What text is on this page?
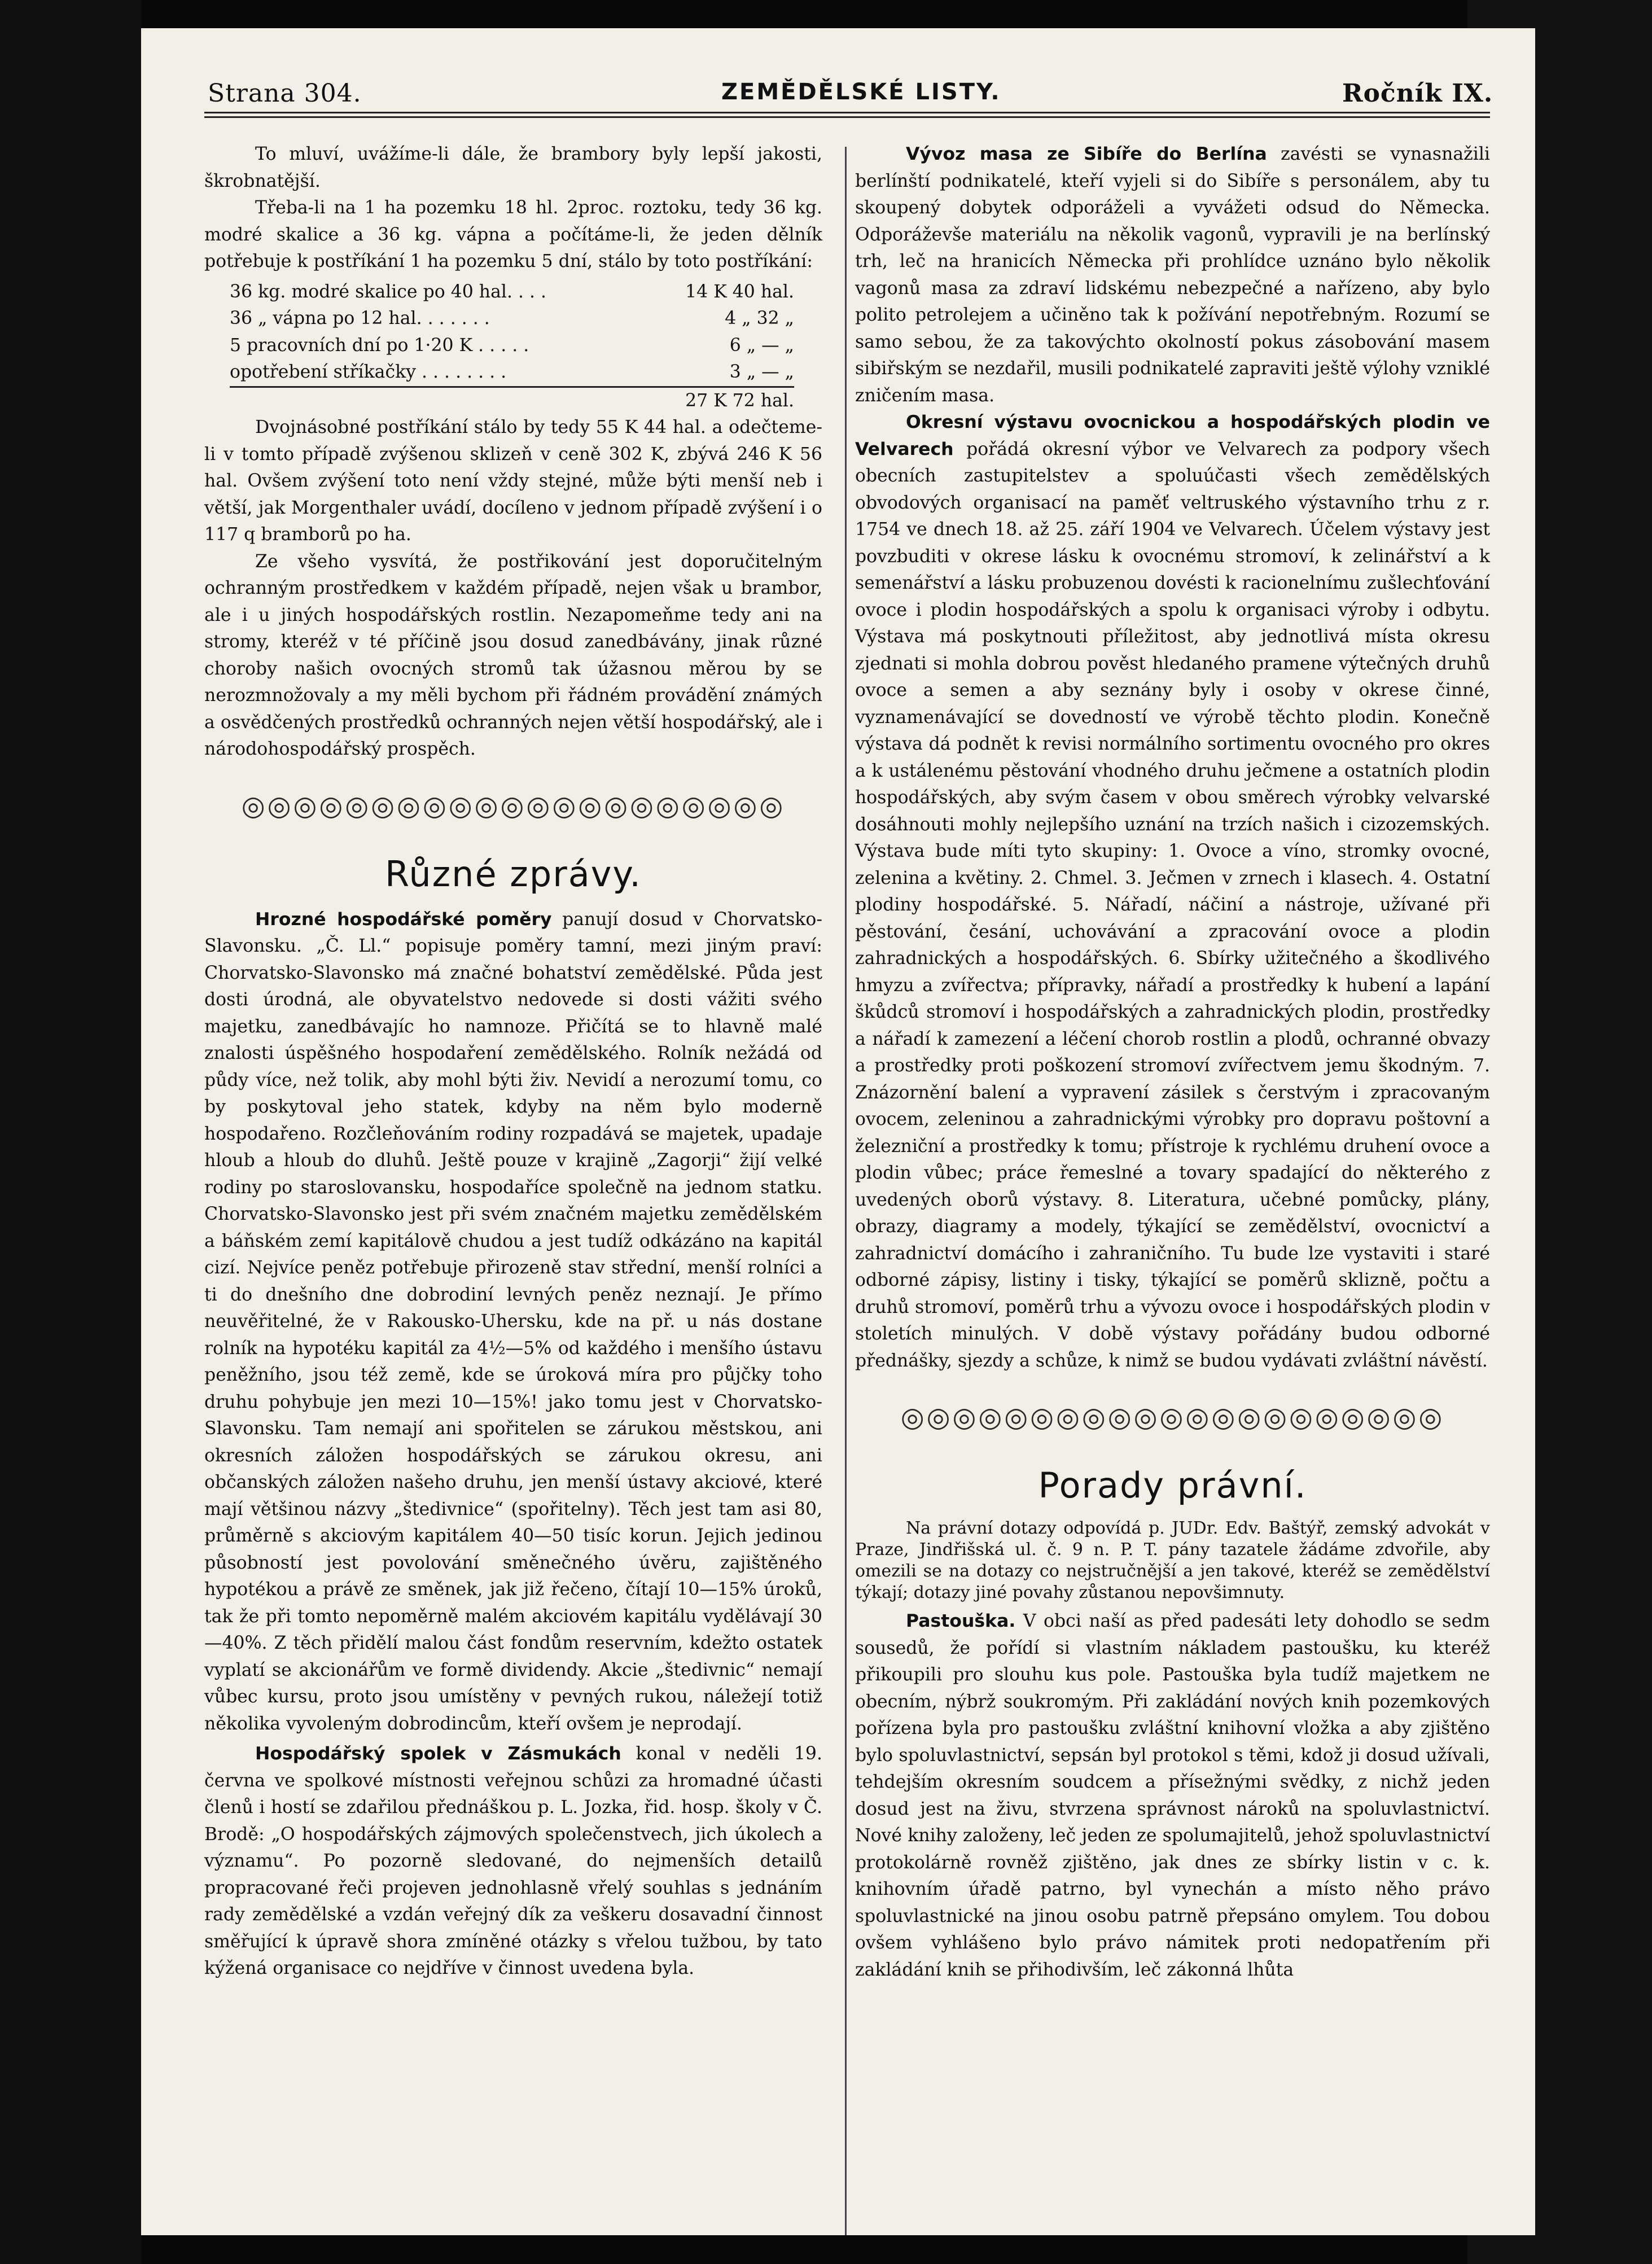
Strana 304.	ZEMĚDĚLSKÉ LISTY.	Ročník IX.

To mluví, uvážíme-li dále, že brambory byly lepší jakosti, škrobnatější.

Třeba-li na 1 ha pozemku 18 hl. 2proc. roztoku, tedy 36 kg. modré skalice a 36 kg. vápna a počítáme-li, že jeden dělník potřebuje k postříkání 1 ha pozemku 5 dní, stálo by toto postříkání:

36 kg. modré skalice po 40 hal. . . .	14 K 40 hal.
36 „ vápna po 12 hal. . . . . . .	4 „ 32 „
5 pracovních dní po 1·20 K . . . . .	6 „ — „
opotřebení stříkačky . . . . . . . .	3 „ — „
	27 K 72 hal.

Dvojnásobné postříkání stálo by tedy 55 K 44 hal. a odečteme-li v tomto případě zvýšenou sklizeň v ceně 302 K, zbývá 246 K 56 hal. Ovšem zvýšení toto není vždy stejné, může býti menší neb i větší, jak Morgenthaler uvádí, docíleno v jednom případě zvýšení i o 117 q bramborů po ha.

Ze všeho vysvítá, že postřikování jest doporučitelným ochranným prostředkem v každém případě, nejen však u brambor, ale i u jiných hospodářských rostlin. Nezapomeňme tedy ani na stromy, kteréž v té příčině jsou dosud zanedbávány, jinak různé choroby našich ovocných stromů tak úžasnou měrou by se nerozmnožovaly a my měli bychom při řádném provádění známých a osvědčených prostředků ochranných nejen větší hospodářský, ale i národohospodářský prospěch.

◎◎◎◎◎◎◎◎◎◎◎◎◎◎◎◎◎◎◎◎◎
Různé zprávy.

Hrozné hospodářské poměry panují dosud v Chorvatsko-Slavonsku. „Č. Ll.“ popisuje poměry tamní, mezi jiným praví: Chorvatsko-Slavonsko má značné bohatství zemědělské. Půda jest dosti úrodná, ale obyvatelstvo nedovede si dosti vážiti svého majetku, zanedbávajíc ho namnoze. Přičítá se to hlavně malé znalosti úspěšného hospodaření zemědělského. Rolník nežádá od půdy více, než tolik, aby mohl býti živ. Nevidí a nerozumí tomu, co by poskytoval jeho statek, kdyby na něm bylo moderně hospodařeno. Rozčleňováním rodiny rozpadává se majetek, upadaje hloub a hloub do dluhů. Ještě pouze v krajině „Zagorji“ žijí velké rodiny po staroslovansku, hospodaříce společně na jednom statku. Chorvatsko-Slavonsko jest při svém značném majetku zemědělském a báňském zemí kapitálově chudou a jest tudíž odkázáno na kapitál cizí. Nejvíce peněz potřebuje přirozeně stav střední, menší rolníci a ti do dnešního dne dobrodiní levných peněz neznají. Je přímo neuvěřitelné, že v Rakousko-Uhersku, kde na př. u nás dostane rolník na hypotéku kapitál za 4½—5% od každého i menšího ústavu peněžního, jsou též země, kde se úroková míra pro půjčky toho druhu pohybuje jen mezi 10—15%! jako tomu jest v Chorvatsko-Slavonsku. Tam nemají ani spořitelen se zárukou městskou, ani okresních záložen hospodářských se zárukou okresu, ani občanských záložen našeho druhu, jen menší ústavy akciové, které mají většinou názvy „štedivnice“ (spořitelny). Těch jest tam asi 80, průměrně s akciovým kapitálem 40—50 tisíc korun. Jejich jedinou působností jest povolování směnečného úvěru, zajištěného hypotékou a právě ze směnek, jak již řečeno, čítají 10—15% úroků, tak že při tomto nepoměrně malém akciovém kapitálu vydělávají 30—40%. Z těch přidělí malou část fondům reservním, kdežto ostatek vyplatí se akcionářům ve formě dividendy. Akcie „štedivnic“ nemají vůbec kursu, proto jsou umístěny v pevných rukou, náležejí totiž několika vyvoleným dobrodincům, kteří ovšem je neprodají.

Hospodářský spolek v Zásmukách konal v neděli 19. června ve spolkové místnosti veřejnou schůzi za hromadné účasti členů i hostí se zdařilou přednáškou p. L. Jozka, řid. hosp. školy v Č. Brodě: „O hospodářských zájmových společenstvech, jich úkolech a významu“. Po pozorně sledované, do nejmenších detailů propracované řeči projeven jednohlasně vřelý souhlas s jednáním rady zemědělské a vzdán veřejný dík za veškeru dosavadní činnost směřující k úpravě shora zmíněné otázky s vřelou tužbou, by tato kýžená organisace co nejdříve v činnost uvedena byla.

Vývoz masa ze Sibíře do Berlína zavésti se vynasnažili berlínští podnikatelé, kteří vyjeli si do Sibíře s personálem, aby tu skoupený dobytek odporáželi a vyvážeti odsud do Německa. Odporáževše materiálu na několik vagonů, vypravili je na berlínský trh, leč na hranicích Německa při prohlídce uznáno bylo několik vagonů masa za zdraví lidskému nebezpečné a nařízeno, aby bylo polito petrolejem a učiněno tak k požívání nepotřebným. Rozumí se samo sebou, že za takovýchto okolností pokus zásobování masem sibiřským se nezdařil, musili podnikatelé zapraviti ještě výlohy vzniklé zničením masa.

Okresní výstavu ovocnickou a hospodářských plodin ve Velvarech pořádá okresní výbor ve Velvarech za podpory všech obecních zastupitelstev a spoluúčasti všech zemědělských obvodových organisací na paměť veltruského výstavního trhu z r. 1754 ve dnech 18. až 25. září 1904 ve Velvarech. Účelem výstavy jest povzbuditi v okrese lásku k ovocnému stromoví, k zelinářství a k semenářství a lásku probuzenou dovésti k racionelnímu zušlechťování ovoce i plodin hospodářských a spolu k organisaci výroby i odbytu. Výstava má poskytnouti příležitost, aby jednotlivá místa okresu zjednati si mohla dobrou pověst hledaného pramene výtečných druhů ovoce a semen a aby seznány byly i osoby v okrese činné, vyznamenávající se dovedností ve výrobě těchto plodin. Konečně výstava dá podnět k revisi normálního sortimentu ovocného pro okres a k ustálenému pěstování vhodného druhu ječmene a ostatních plodin hospodářských, aby svým časem v obou směrech výrobky velvarské dosáhnouti mohly nejlepšího uznání na trzích našich i cizozemských. Výstava bude míti tyto skupiny: 1. Ovoce a víno, stromky ovocné, zelenina a květiny. 2. Chmel. 3. Ječmen v zrnech i klasech. 4. Ostatní plodiny hospodářské. 5. Nářadí, náčiní a nástroje, užívané při pěstování, česání, uchovávání a zpracování ovoce a plodin zahradnických a hospodářských. 6. Sbírky užitečného a škodlivého hmyzu a zvířectva; přípravky, nářadí a prostředky k hubení a lapání škůdců stromoví i hospodářských a zahradnických plodin, prostředky a nářadí k zamezení a léčení chorob rostlin a plodů, ochranné obvazy a prostředky proti poškození stromoví zvířectvem jemu škodným. 7. Znázornění balení a vypravení zásilek s čerstvým i zpracovaným ovocem, zeleninou a zahradnickými výrobky pro dopravu poštovní a železniční a prostředky k tomu; přístroje k rychlému druhení ovoce a plodin vůbec; práce řemeslné a tovary spadající do některého z uvedených oborů výstavy. 8. Literatura, učebné pomůcky, plány, obrazy, diagramy a modely, týkající se zemědělství, ovocnictví a zahradnictví domácího i zahraničního. Tu bude lze vystaviti i staré odborné zápisy, listiny i tisky, týkající se poměrů sklizně, počtu a druhů stromoví, poměrů trhu a vývozu ovoce i hospodářských plodin v stoletích minulých. V době výstavy pořádány budou odborné přednášky, sjezdy a schůze, k nimž se budou vydávati zvláštní návěstí.

◎◎◎◎◎◎◎◎◎◎◎◎◎◎◎◎◎◎◎◎◎
Porady právní.

Na právní dotazy odpovídá p. JUDr. Edv. Baštýř, zemský advokát v Praze, Jindřišská ul. č. 9 n. P. T. pány tazatele žádáme zdvořile, aby omezili se na dotazy co nejstručnější a jen takové, kteréž se zemědělství týkají; dotazy jiné povahy zůstanou nepovšimnuty.

Pastouška. V obci naší as před padesáti lety dohodlo se sedm sousedů, že pořídí si vlastním nákladem pastoušku, ku kteréž přikoupili pro slouhu kus pole. Pastouška byla tudíž majetkem ne obecním, nýbrž soukromým. Při zakládání nových knih pozemkových pořízena byla pro pastoušku zvláštní knihovní vložka a aby zjištěno bylo spoluvlastnictví, sepsán byl protokol s těmi, kdož ji dosud užívali, tehdejším okresním soudcem a přísežnými svědky, z nichž jeden dosud jest na živu, stvrzena správnost nároků na spoluvlastnictví. Nové knihy založeny, leč jeden ze spolumajitelů, jehož spoluvlastnictví protokolárně rovněž zjištěno, jak dnes ze sbírky listin v c. k. knihovním úřadě patrno, byl vynechán a místo něho právo spoluvlastnické na jinou osobu patrně přepsáno omylem. Tou dobou ovšem vyhlášeno bylo právo námitek proti nedopatřením při zakládání knih se přihodivším, leč zákonná lhůta
